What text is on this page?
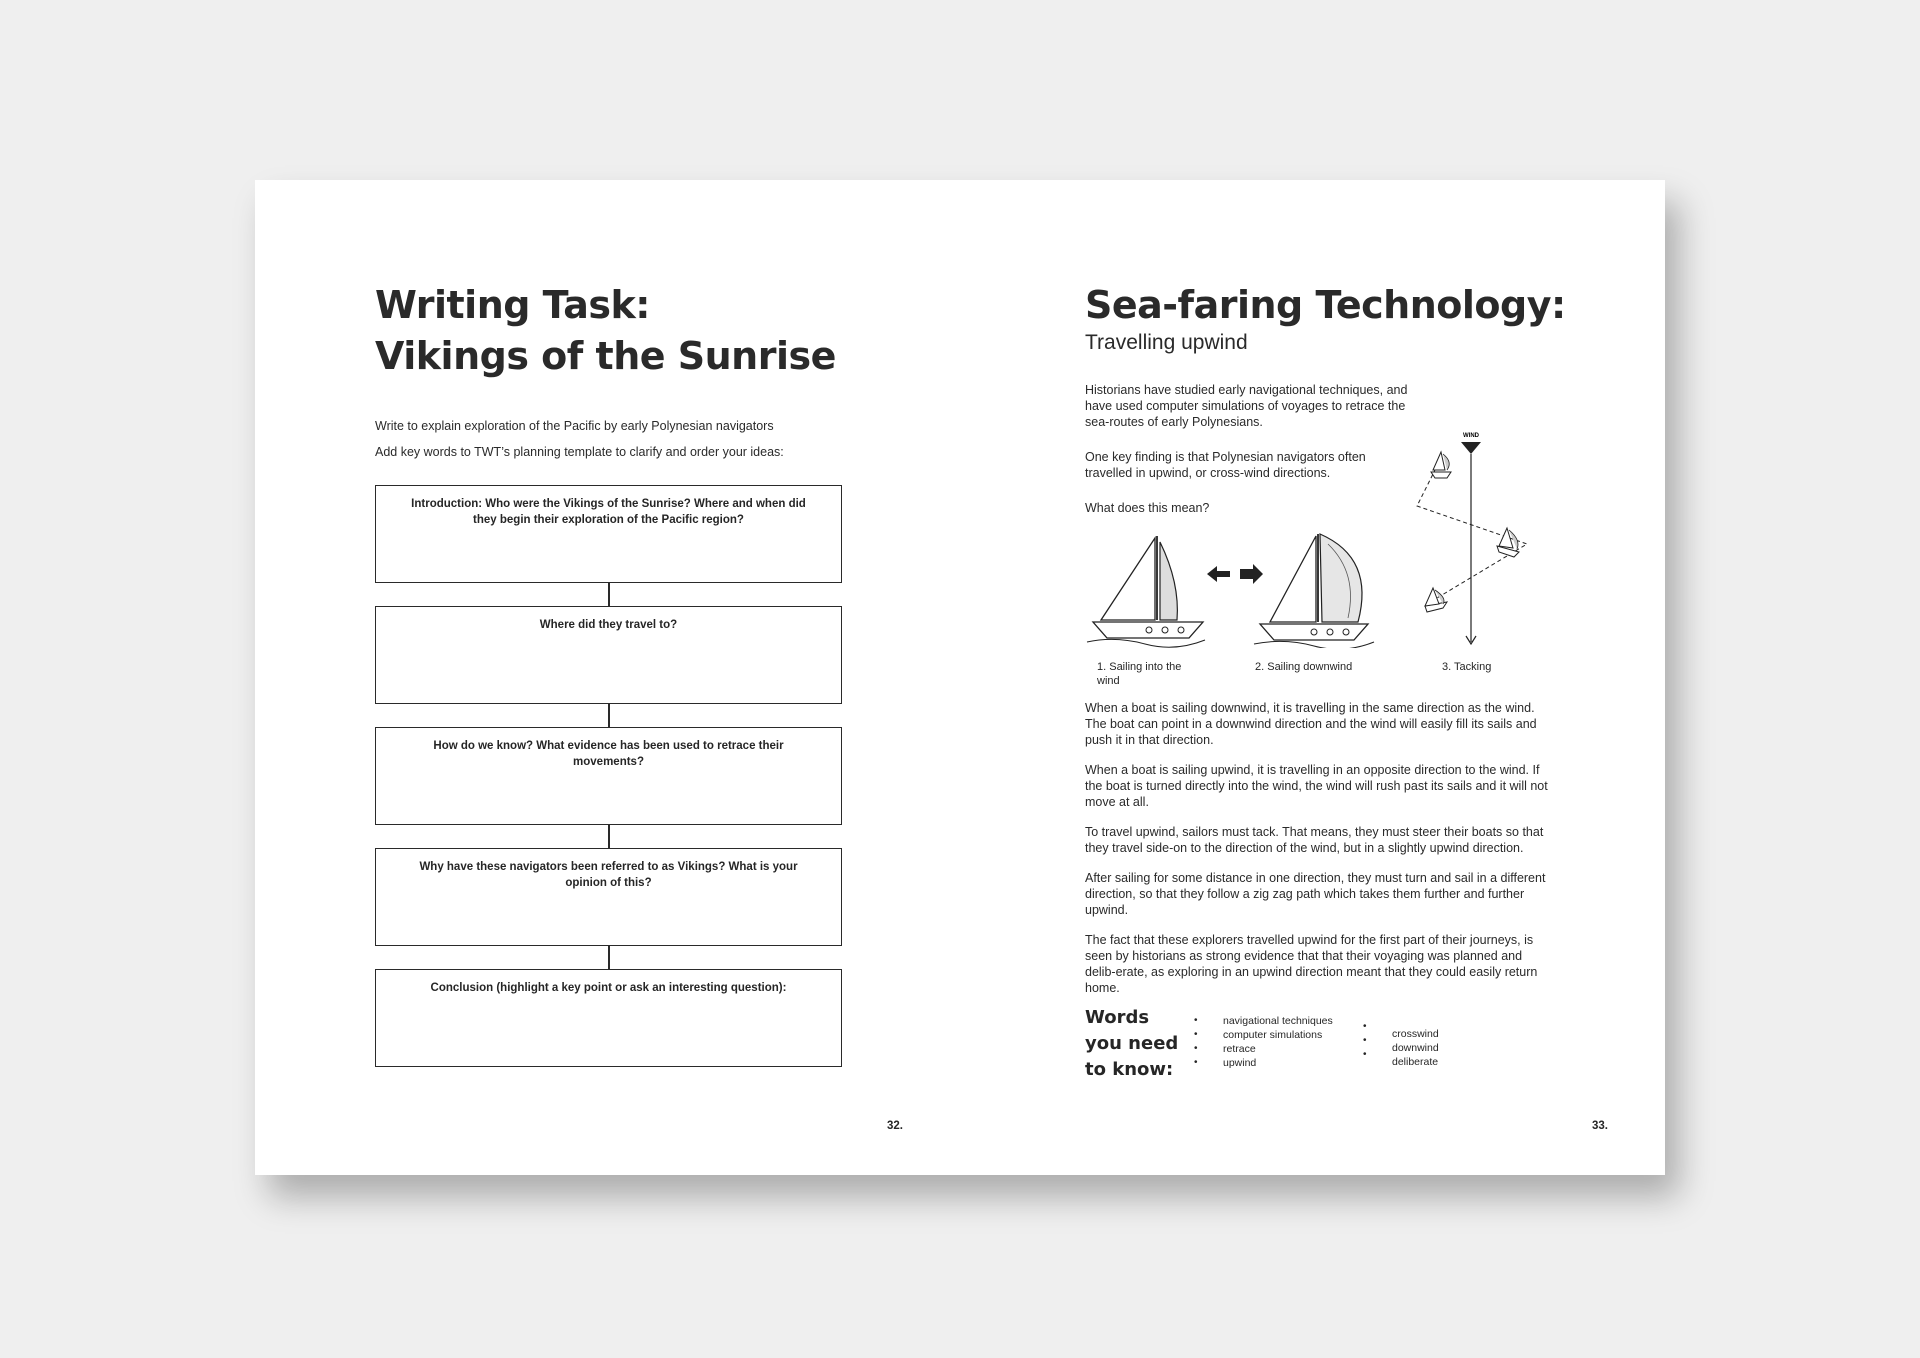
Writing Task:
Vikings of the Sunrise
Write to explain exploration of the Pacific by early Polynesian navigators
Add key words to TWT’s planning template to clarify and order your ideas:
Introduction: Who were the Vikings of the Sunrise? Where and when did they begin their exploration of the Pacific region?
Where did they travel to?
How do we know? What evidence has been used to retrace their movements?
Why have these navigators been referred to as Vikings? What is your opinion of this?
Conclusion (highlight a key point or ask an interesting question):
32.
Sea-faring Technology:
Travelling upwind
Historians have studied early navigational techniques, and have used computer simulations of voyages to retrace the sea-routes of early Polynesians.
One key finding is that Polynesian navigators often travelled in upwind, or cross-wind directions.
What does this mean?
WIND
1. Sailing into the wind
2. Sailing downwind	3. Tacking
When a boat is sailing downwind, it is travelling in the same direction as the wind. The boat can point in a downwind direction and the wind will easily fill its sails and push it in that direction.
When a boat is sailing upwind, it is travelling in an opposite direction to the wind. If the boat is turned directly into the wind, the wind will rush past its sails and it will not move at all.
To travel upwind, sailors must tack. That means, they must steer their boats so that they travel side-on to the direction of the wind, but in a slightly upwind direction.
After sailing for some distance in one direction, they must turn and sail in a different direction, so that they follow a zig zag path which takes them further and further upwind.
The fact that these explorers travelled upwind for the first part of their journeys, is seen by historians as strong evidence that that their voyaging was planned and delib-erate, as exploring in an upwind direction meant that they could easily return home.
Words
you need
to know:
•
•
•
•
navigational techniques
computer simulations
retrace
upwind
•
•
•
crosswind
downwind
deliberate
33.
